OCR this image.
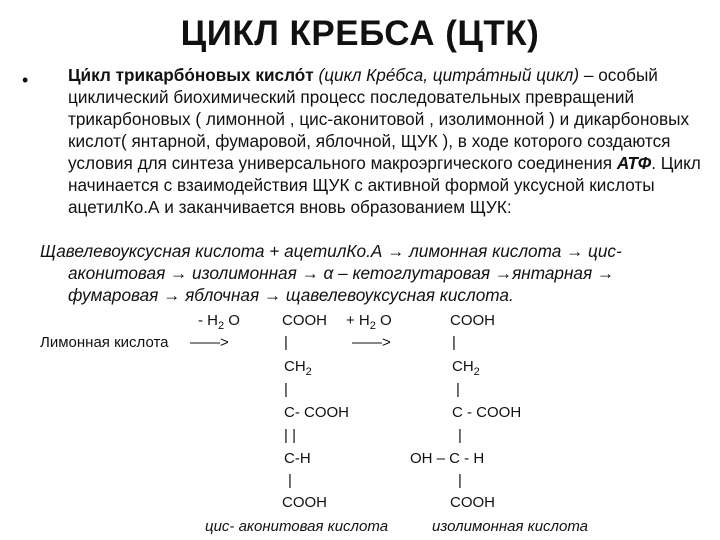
ЦИКЛ КРЕБСА (ЦТК)
• Ци́кл трикарбо́новых кисло́т (цикл Кре́бса, цитра́тный цикл) – особый циклический биохимический процесс последовательных превращений трикарбоновых ( лимонной , цис-аконитовой , изолимонной ) и дикарбоновых кислот( янтарной, фумаровой, яблочной, ЩУК ), в ходе которого создаются условия для синтеза универсального макроэргического соединения АТФ. Цикл начинается с взаимодействия ЩУК с активной формой уксусной кислоты ацетилКо.А и заканчивается вновь образованием ЩУК:
Щавелевоуксусная кислота + ацетилКо.А → лимонная кислота → цис-
аконитовая → изолимонная → α – кетоглутаровая →янтарная →
фумаровая → яблочная → щавелевоуксусная кислота.
- $H_2$ O	+ $H_2$ O
Лимонная кислота ——>	——>
COOH
|
$CH_2$
|
C- COOH
| |
C-H
|
COOH
COOH
|
$CH_2$
|
C - COOH
|
OH – C - H
|
COOH
цис- аконитовая кислота	изолимонная кислота
